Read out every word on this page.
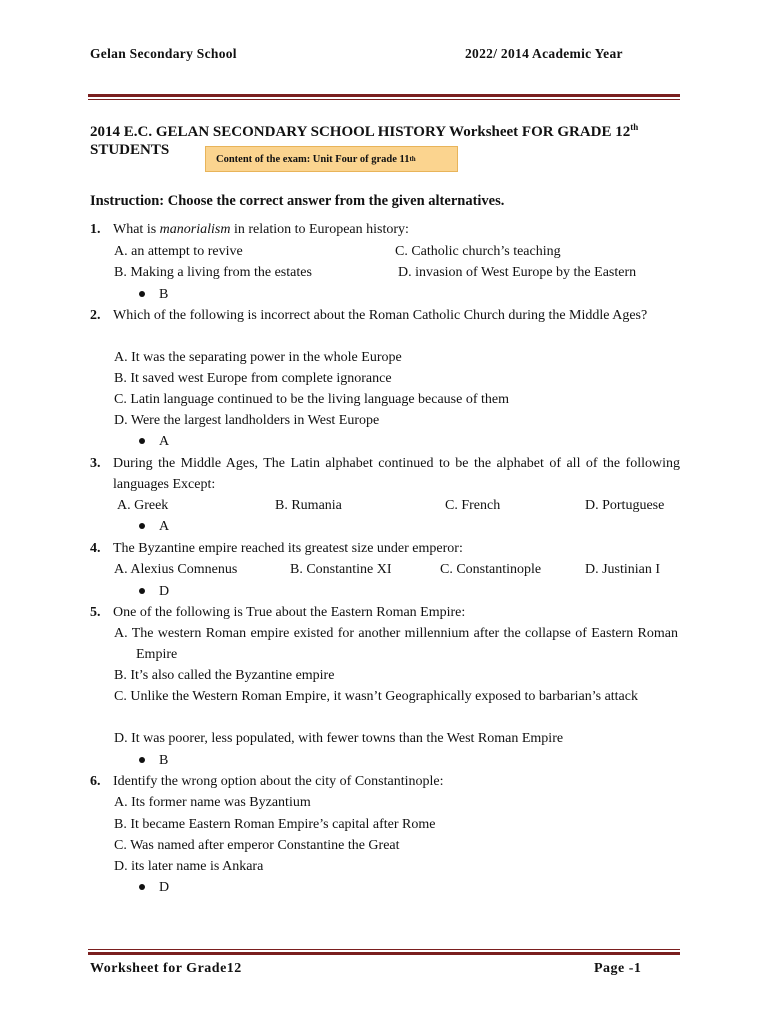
Gelan Secondary School	2022/ 2014 Academic Year
2014 E.C. GELAN SECONDARY SCHOOL HISTORY Worksheet FOR GRADE 12th
STUDENTS
Content of the exam: Unit Four of grade 11 th
Instruction: Choose the correct answer from the given alternatives.
1. What is manorialism in relation to European history:
A. an attempt to revive	C. Catholic church’s teaching
B. Making a living from the estates	D. invasion of West Europe by the Eastern
B
2. Which of the following is incorrect about the Roman Catholic Church during the Middle Ages?
A. It was the separating power in the whole Europe
B. It saved west Europe from complete ignorance
C. Latin language continued to be the living language because of them
D. Were the largest landholders in West Europe
A
3. During the Middle Ages, The Latin alphabet continued to be the alphabet of all of the following languages Except:
A. Greek	B. Rumania	C. French	D. Portuguese
A
4. The Byzantine empire reached its greatest size under emperor:
A. Alexius Comnenus	B. Constantine XI	C. Constantinople	D. Justinian I
D
5. One of the following is True about the Eastern Roman Empire:
A. The western Roman empire existed for another millennium after the collapse of Eastern Roman Empire
B. It’s also called the Byzantine empire
C. Unlike the Western Roman Empire, it wasn’t Geographically exposed to barbarian’s attack
D. It was poorer, less populated, with fewer towns than the West Roman Empire
B
6. Identify the wrong option about the city of Constantinople:
A. Its former name was Byzantium
B. It became Eastern Roman Empire’s capital after Rome
C. Was named after emperor Constantine the Great
D. its later name is Ankara
D
Worksheet for Grade12	Page -1
